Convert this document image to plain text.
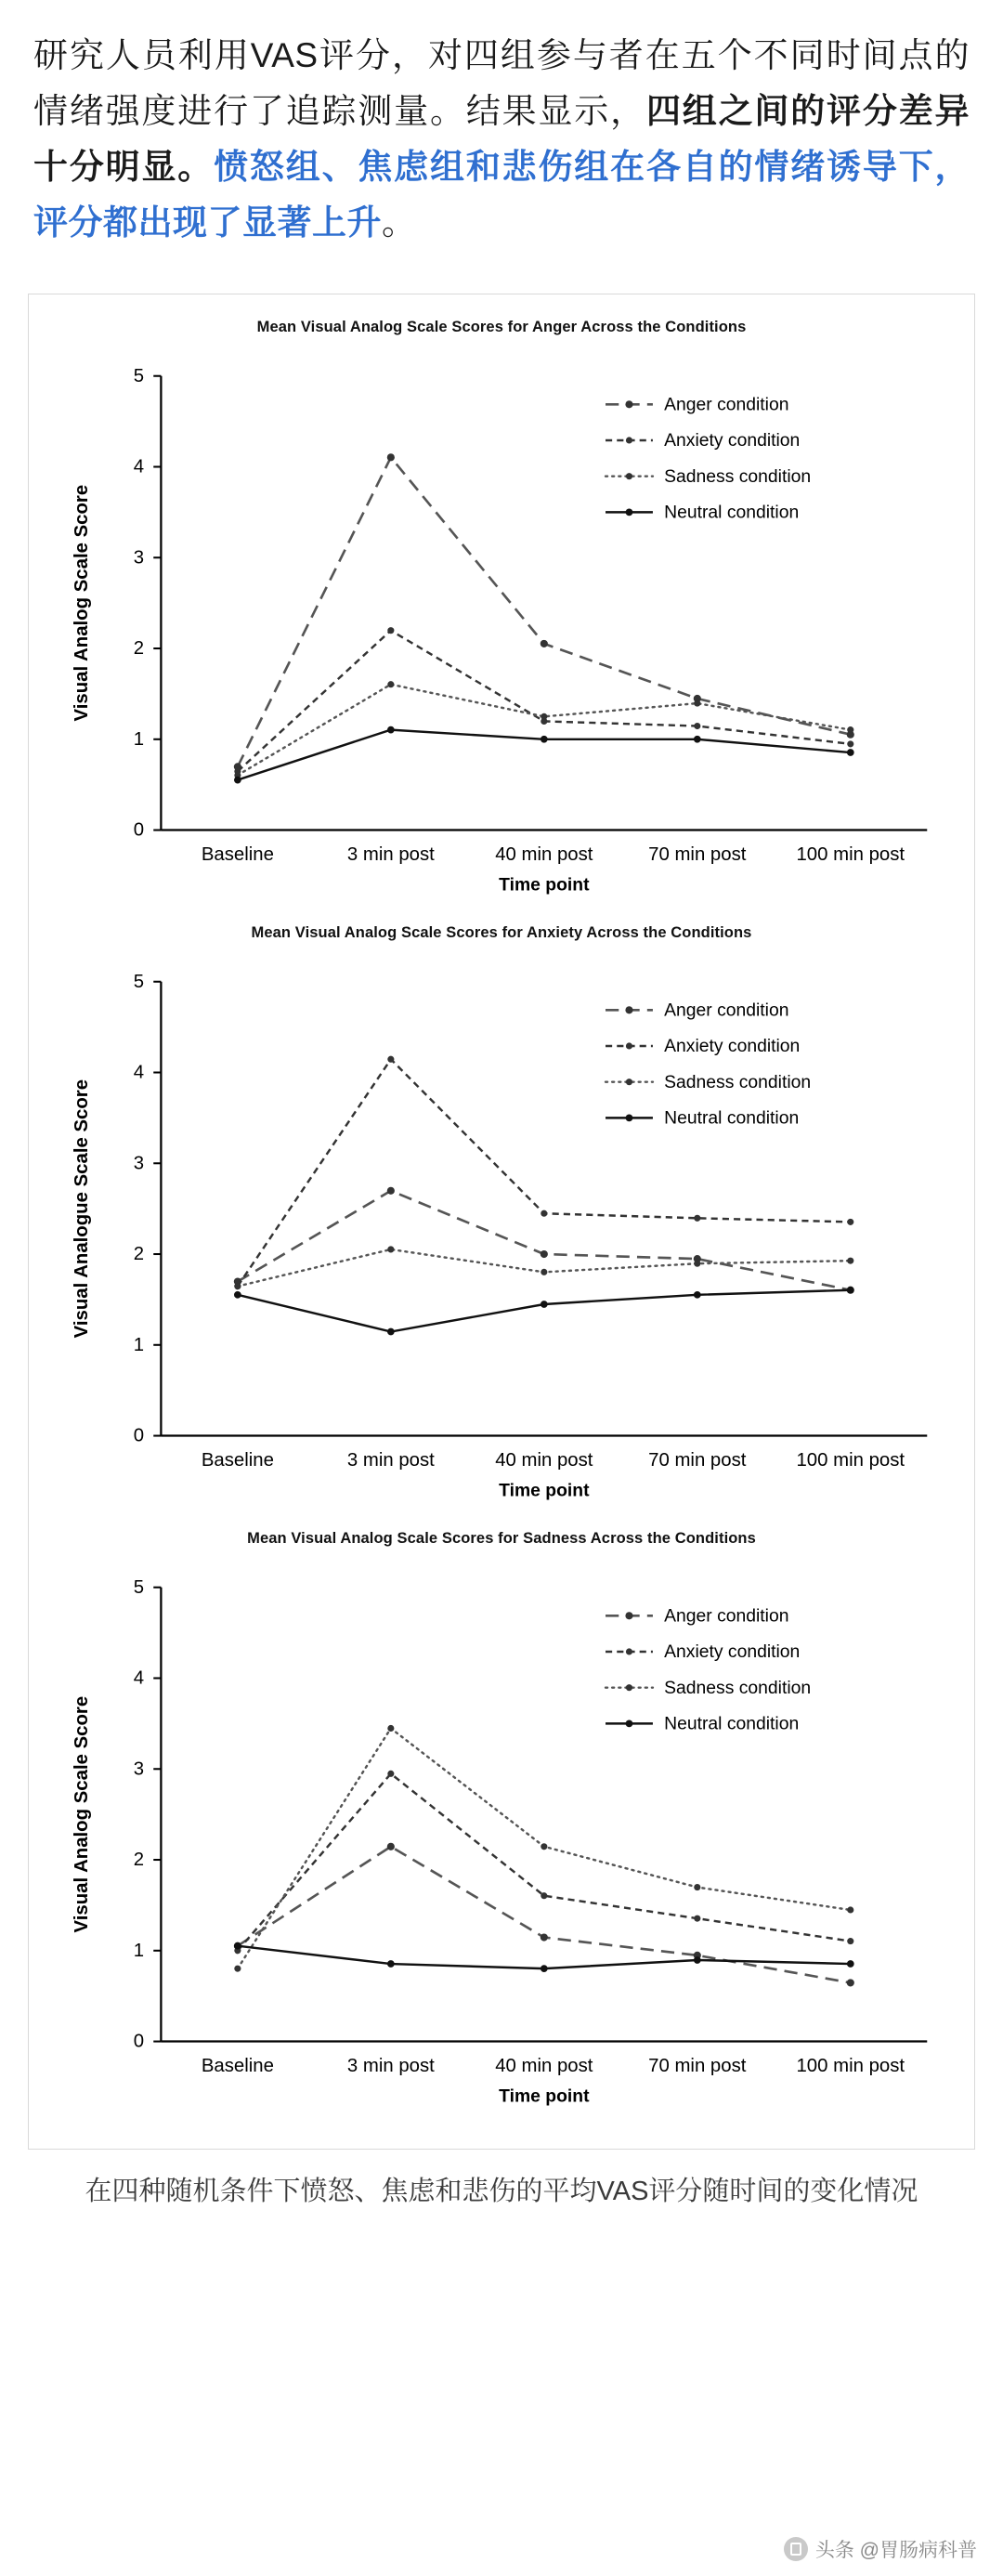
研究人员利用VAS评分，对四组参与者在五个不同时间点的情绪强度进行了追踪测量。结果显示，四组之间的评分差异十分明显。愤怒组、焦虑组和悲伤组在各自的情绪诱导下，评分都出现了显著上升。

Mean Visual Analog Scale Scores for Anger Across the Conditions
0
1
2
3
4
5
Visual Analog Scale Score
Baseline	3 min post	40 min post	70 min post	100 min post
Time point
Anger condition
Anxiety condition
Sadness condition
Neutral condition
Mean Visual Analog Scale Scores for Anxiety Across the Conditions
0
1
2
3
4
5
Visual Analogue Scale Score
Baseline	3 min post	40 min post	70 min post	100 min post
Time point
Anger condition
Anxiety condition
Sadness condition
Neutral condition
Mean Visual Analog Scale Scores for Sadness Across the Conditions
0
1
2
3
4
5
Visual Analog Scale Score
Baseline	3 min post	40 min post	70 min post	100 min post
Time point
Anger condition
Anxiety condition
Sadness condition
Neutral condition
在四种随机条件下愤怒、焦虑和悲伤的平均VAS评分随时间的变化情况
头条 @胃肠病科普
